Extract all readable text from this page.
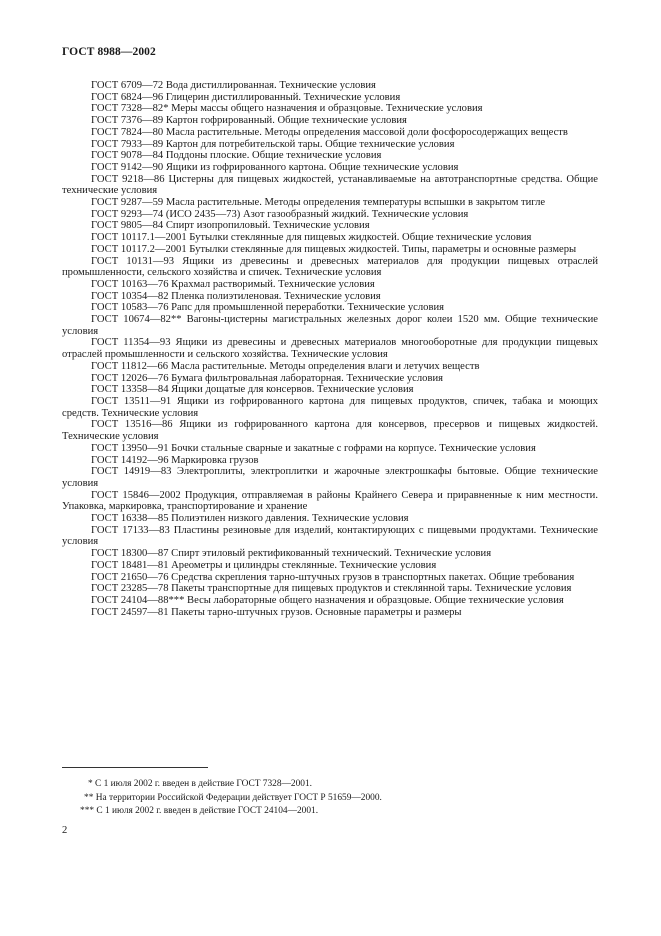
ГОСТ 8988—2002

ГОСТ 6709—72 Вода дистиллированная. Технические условия

ГОСТ 6824—96 Глицерин дистиллированный. Технические условия

ГОСТ 7328—82* Меры массы общего назначения и образцовые. Технические условия

ГОСТ 7376—89 Картон гофрированный. Общие технические условия

ГОСТ 7824—80 Масла растительные. Методы определения массовой доли фосфоросодержащих веществ

ГОСТ 7933—89 Картон для потребительской тары. Общие технические условия

ГОСТ 9078—84 Поддоны плоские. Общие технические условия

ГОСТ 9142—90 Ящики из гофрированного картона. Общие технические условия

ГОСТ 9218—86 Цистерны для пищевых жидкостей, устанавливаемые на автотранспортные средства. Общие технические условия

ГОСТ 9287—59 Масла растительные. Методы определения температуры вспышки в закрытом тигле

ГОСТ 9293—74 (ИСО 2435—73) Азот газообразный жидкий. Технические условия

ГОСТ 9805—84 Спирт изопропиловый. Технические условия

ГОСТ 10117.1—2001 Бутылки стеклянные для пищевых жидкостей. Общие технические условия

ГОСТ 10117.2—2001 Бутылки стеклянные для пищевых жидкостей. Типы, параметры и основные размеры

ГОСТ 10131—93 Ящики из древесины и древесных материалов для продукции пищевых отраслей промышленности, сельского хозяйства и спичек. Технические условия

ГОСТ 10163—76 Крахмал растворимый. Технические условия

ГОСТ 10354—82 Пленка полиэтиленовая. Технические условия

ГОСТ 10583—76 Рапс для промышленной переработки. Технические условия

ГОСТ 10674—82** Вагоны-цистерны магистральных железных дорог колеи 1520 мм. Общие технические условия

ГОСТ 11354—93 Ящики из древесины и древесных материалов многооборотные для продукции пищевых отраслей промышленности и сельского хозяйства. Технические условия

ГОСТ 11812—66 Масла растительные. Методы определения влаги и летучих веществ

ГОСТ 12026—76 Бумага фильтровальная лабораторная. Технические условия

ГОСТ 13358—84 Ящики дощатые для консервов. Технические условия

ГОСТ 13511—91 Ящики из гофрированного картона для пищевых продуктов, спичек, табака и моющих средств. Технические условия

ГОСТ 13516—86 Ящики из гофрированного картона для консервов, пресервов и пищевых жидкостей. Технические условия

ГОСТ 13950—91 Бочки стальные сварные и закатные с гофрами на корпусе. Технические условия

ГОСТ 14192—96 Маркировка грузов

ГОСТ 14919—83 Электроплиты, электроплитки и жарочные электрошкафы бытовые. Общие технические условия

ГОСТ 15846—2002 Продукция, отправляемая в районы Крайнего Севера и приравненные к ним местности. Упаковка, маркировка, транспортирование и хранение

ГОСТ 16338—85 Полиэтилен низкого давления. Технические условия

ГОСТ 17133—83 Пластины резиновые для изделий, контактирующих с пищевыми продуктами. Технические условия

ГОСТ 18300—87 Спирт этиловый ректификованный технический. Технические условия

ГОСТ 18481—81 Ареометры и цилиндры стеклянные. Технические условия

ГОСТ 21650—76 Средства скрепления тарно-штучных грузов в транспортных пакетах. Общие требования

ГОСТ 23285—78 Пакеты транспортные для пищевых продуктов и стеклянной тары. Технические условия

ГОСТ 24104—88*** Весы лабораторные общего назначения и образцовые. Общие технические условия

ГОСТ 24597—81 Пакеты тарно-штучных грузов. Основные параметры и размеры

* С 1 июля 2002 г. введен в действие ГОСТ 7328—2001.

** На территории Российской Федерации действует ГОСТ Р 51659—2000.

*** С 1 июля 2002 г. введен в действие ГОСТ 24104—2001.

2
